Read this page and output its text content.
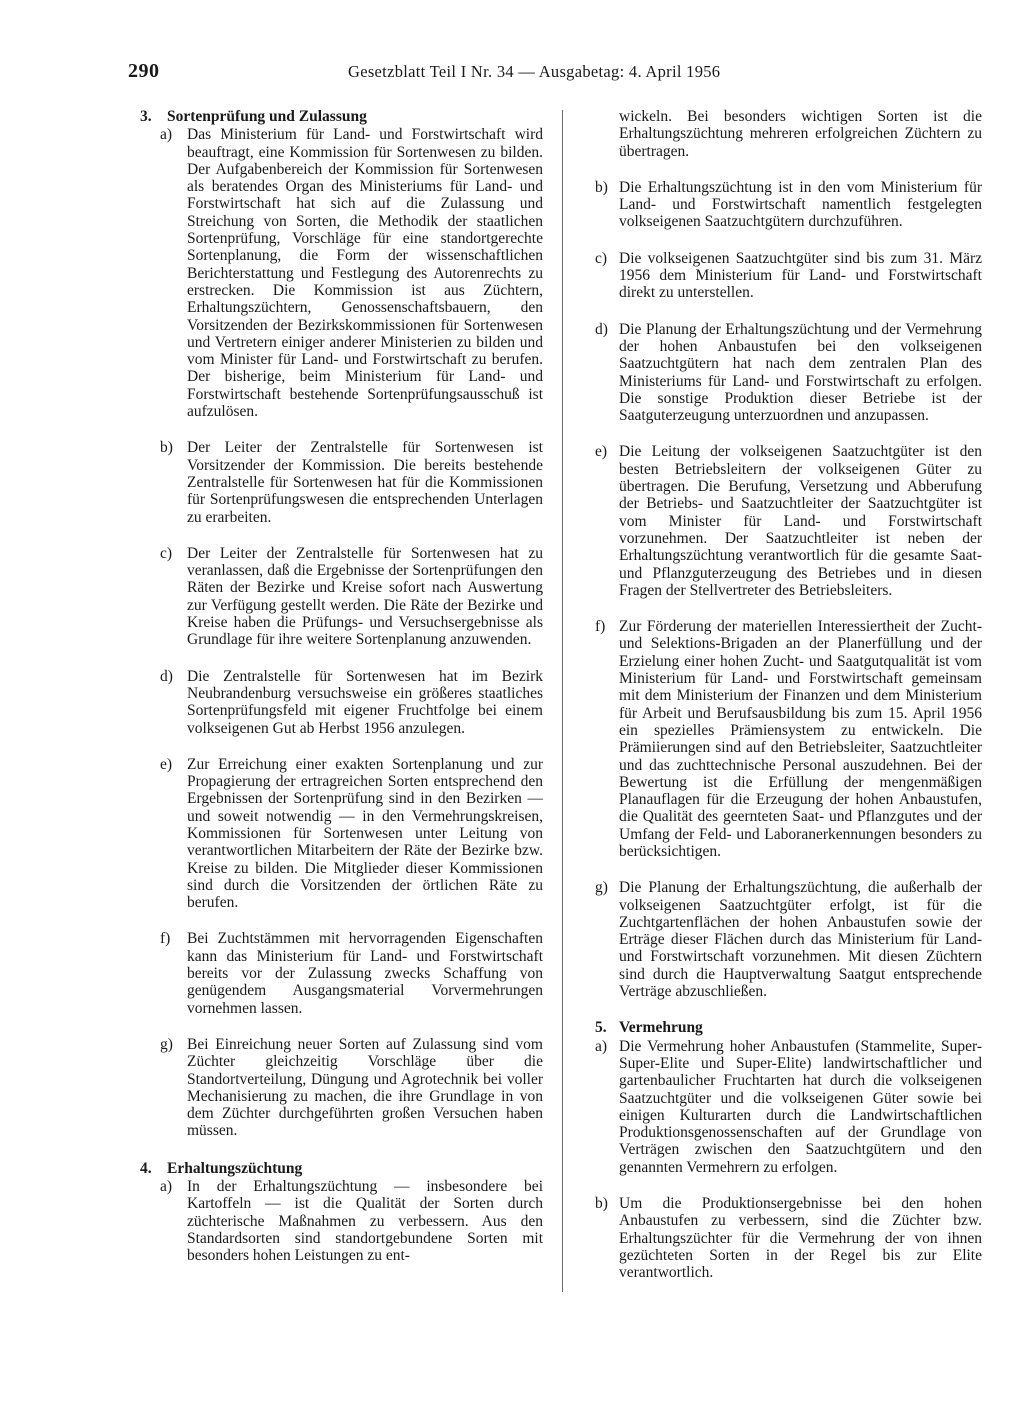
290	Gesetzblatt Teil I Nr. 34 — Ausgabetag: 4. April 1956
3. Sortenprüfung und Zulassung
a) Das Ministerium für Land- und Forstwirtschaft wird beauftragt, eine Kommission für Sortenwesen zu bilden. Der Aufgabenbereich der Kommission für Sortenwesen als beratendes Organ des Ministeriums für Land- und Forstwirtschaft hat sich auf die Zulassung und Streichung von Sorten, die Methodik der staatlichen Sortenprüfung, Vorschläge für eine standortgerechte Sortenplanung, die Form der wissenschaftlichen Berichterstattung und Festlegung des Autorenrechts zu erstrecken. Die Kommission ist aus Züchtern, Erhaltungszüchtern, Genossenschaftsbauern, den Vorsitzenden der Bezirkskommissionen für Sortenwesen und Vertretern einiger anderer Ministerien zu bilden und vom Minister für Land- und Forstwirtschaft zu berufen. Der bisherige, beim Ministerium für Land- und Forstwirtschaft bestehende Sortenprüfungsausschuß ist aufzulösen.
b) Der Leiter der Zentralstelle für Sortenwesen ist Vorsitzender der Kommission. Die bereits bestehende Zentralstelle für Sortenwesen hat für die Kommissionen für Sortenprüfungswesen die entsprechenden Unterlagen zu erarbeiten.
c) Der Leiter der Zentralstelle für Sortenwesen hat zu veranlassen, daß die Ergebnisse der Sortenprüfungen den Räten der Bezirke und Kreise sofort nach Auswertung zur Verfügung gestellt werden. Die Räte der Bezirke und Kreise haben die Prüfungs- und Versuchsergebnisse als Grundlage für ihre weitere Sortenplanung anzuwenden.
d) Die Zentralstelle für Sortenwesen hat im Bezirk Neubrandenburg versuchsweise ein größeres staatliches Sortenprüfungsfeld mit eigener Fruchtfolge bei einem volkseigenen Gut ab Herbst 1956 anzulegen.
e) Zur Erreichung einer exakten Sortenplanung und zur Propagierung der ertragreichen Sorten entsprechend den Ergebnissen der Sortenprüfung sind in den Bezirken — und soweit notwendig — in den Vermehrungskreisen, Kommissionen für Sortenwesen unter Leitung von verantwortlichen Mitarbeitern der Räte der Bezirke bzw. Kreise zu bilden. Die Mitglieder dieser Kommissionen sind durch die Vorsitzenden der örtlichen Räte zu berufen.
f)	Bei Zuchtstämmen mit hervorragenden Eigenschaften kann das Ministerium für Land- und Forstwirtschaft bereits vor der Zulassung zwecks Schaffung von genügendem Ausgangsmaterial Vorvermehrungen vornehmen lassen.
g) Bei Einreichung neuer Sorten auf Zulassung sind vom Züchter gleichzeitig Vorschläge über die Standortverteilung, Düngung und Agrotechnik bei voller Mechanisierung zu machen, die ihre Grundlage in von dem Züchter durchgeführten großen Versuchen haben müssen.
4. Erhaltungszüchtung
a) In der Erhaltungszüchtung — insbesondere bei Kartoffeln — ist die Qualität der Sorten durch züchterische Maßnahmen zu verbessern. Aus den Standardsorten sind standortgebundene Sorten mit besonders hohen Leistungen zu ent-
wickeln. Bei besonders wichtigen Sorten ist die Erhaltungszüchtung mehreren erfolgreichen Züchtern zu übertragen.
b) Die Erhaltungszüchtung ist in den vom Ministerium für Land- und Forstwirtschaft namentlich festgelegten volkseigenen Saatzuchtgütern durchzuführen.
c) Die volkseigenen Saatzuchtgüter sind bis zum 31. März 1956 dem Ministerium für Land- und Forstwirtschaft direkt zu unterstellen.
d) Die Planung der Erhaltungszüchtung und der Vermehrung der hohen Anbaustufen bei den volkseigenen Saatzuchtgütern hat nach dem zentralen Plan des Ministeriums für Land- und Forstwirtschaft zu erfolgen. Die sonstige Produktion dieser Betriebe ist der Saatguterzeugung unterzuordnen und anzupassen.
e) Die Leitung der volkseigenen Saatzuchtgüter ist den besten Betriebsleitern der volkseigenen Güter zu übertragen. Die Berufung, Versetzung und Abberufung der Betriebs- und Saatzuchtleiter der Saatzuchtgüter ist vom Minister für Land- und Forstwirtschaft vorzunehmen. Der Saatzuchtleiter ist neben der Erhaltungszüchtung verantwortlich für die gesamte Saat- und Pflanzguterzeugung des Betriebes und in diesen Fragen der Stellvertreter des Betriebsleiters.
f) Zur Förderung der materiellen Interessiertheit der Zucht- und Selektions-Brigaden an der Planerfüllung und der Erzielung einer hohen Zucht- und Saatgutqualität ist vom Ministerium für Land- und Forstwirtschaft gemeinsam mit dem Ministerium der Finanzen und dem Ministerium für Arbeit und Berufsausbildung bis zum 15. April 1956 ein spezielles Prämiensystem zu entwickeln. Die Prämiierungen sind auf den Betriebsleiter, Saatzuchtleiter und das zuchttechnische Personal auszudehnen. Bei der Bewertung ist die Erfüllung der mengenmäßigen Planauflagen für die Erzeugung der hohen Anbaustufen, die Qualität des geernteten Saat- und Pflanzgutes und der Umfang der Feld- und Laboranerkennungen besonders zu berücksichtigen.
g) Die Planung der Erhaltungszüchtung, die außerhalb der volkseigenen Saatzuchtgüter erfolgt, ist für die Zuchtgartenflächen der hohen Anbaustufen sowie der Erträge dieser Flächen durch das Ministerium für Land- und Forstwirtschaft vorzunehmen. Mit diesen Züchtern sind durch die Hauptverwaltung Saatgut entsprechende Verträge abzuschließen.
5. Vermehrung
a) Die Vermehrung hoher Anbaustufen (Stammelite, Super-Super-Elite und Super-Elite) landwirtschaftlicher und gartenbaulicher Fruchtarten hat durch die volkseigenen Saatzuchtgüter und die volkseigenen Güter sowie bei einigen Kulturarten durch die Landwirtschaftlichen Produktionsgenossenschaften auf der Grundlage von Verträgen zwischen den Saatzuchtgütern und den genannten Vermehrern zu erfolgen.
b) Um die Produktionsergebnisse bei den hohen Anbaustufen zu verbessern, sind die Züchter bzw. Erhaltungszüchter für die Vermehrung der von ihnen gezüchteten Sorten in der Regel bis zur Elite verantwortlich.
